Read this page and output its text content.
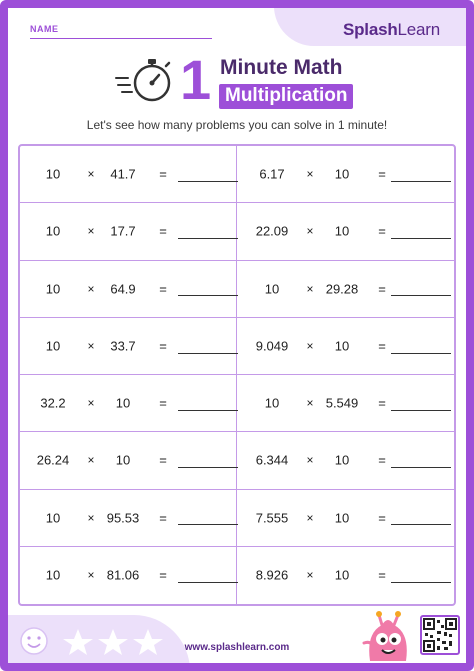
NAME	SplashLearn
1 Minute Math
Multiplication
Let's see how many problems you can solve in 1 minute!
10	×	41.7	=	6.17	×	10	=
10	×	17.7	=	22.09	×	10	=
10	×	64.9	=	10	× 29.28	=
10	×	33.7	=	9.049	×	10	=
32.2	×	10	=	10	× 5.549	=
26.24	×	10	=	6.344	×	10	=
10	× 95.53	=	7.555	×	10	=
10	× 81.06	=	8.926	×	10	=
www.splashlearn.com
